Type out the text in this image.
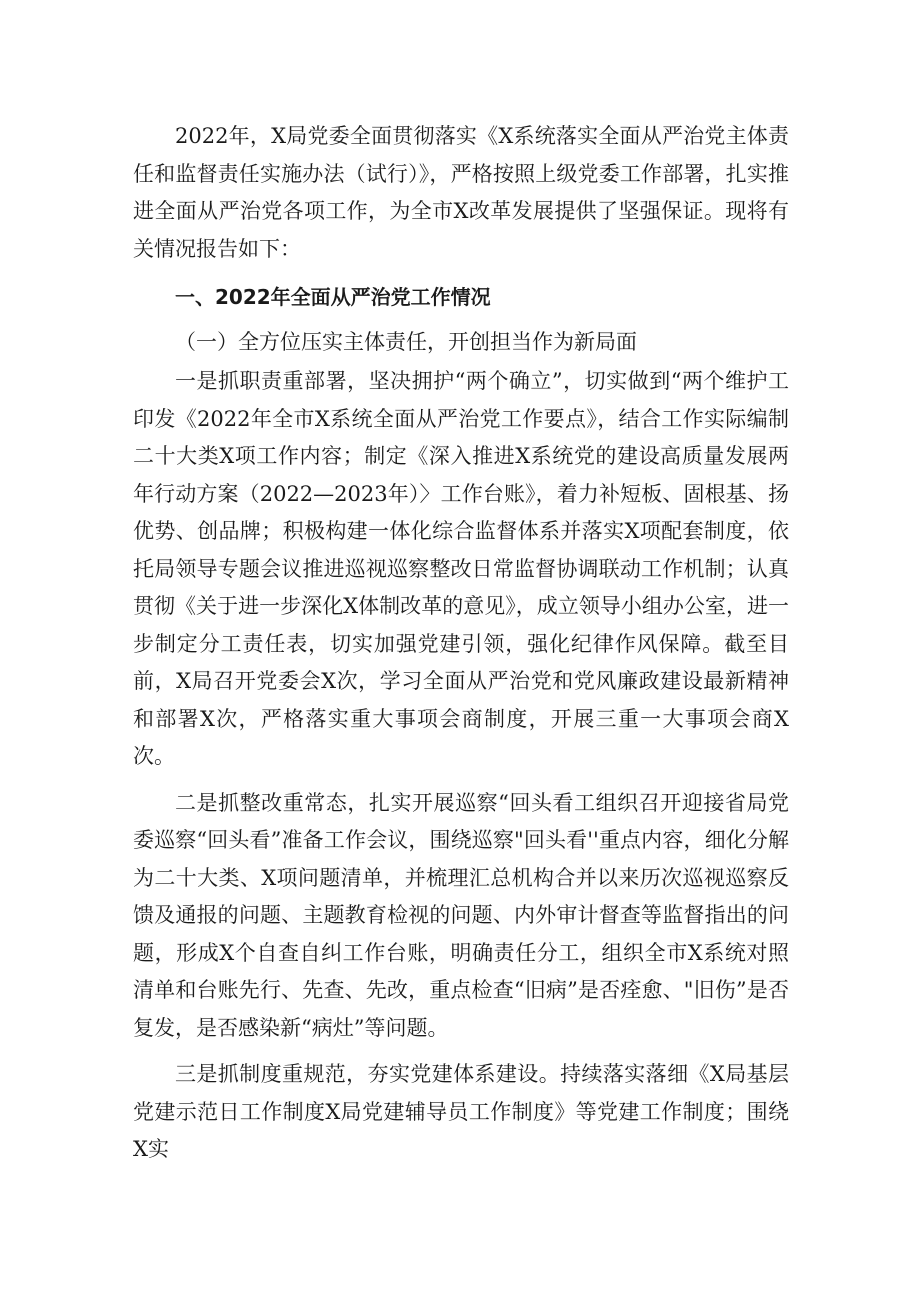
2022年，X局党委全面贯彻落实《X系统落实全面从严治党主体责任和监督责任实施办法（试行）》，严格按照上级党委工作部署，扎实推进全面从严治党各项工作，为全市X改革发展提供了坚强保证。现将有关情况报告如下：

一、2022年全面从严治党工作情况

（一）全方位压实主体责任，开创担当作为新局面

一是抓职责重部署，坚决拥护“两个确立”，切实做到“两个维护工印发《2022年全市X系统全面从严治党工作要点》，结合工作实际编制二十大类X项工作内容；制定《深入推进X系统党的建设高质量发展两年行动方案（2022—2023年）〉工作台账》，着力补短板、固根基、扬优势、创品牌；积极构建一体化综合监督体系并落实X项配套制度，依托局领导专题会议推进巡视巡察整改日常监督协调联动工作机制；认真贯彻《关于进一步深化X体制改革的意见》，成立领导小组办公室，进一步制定分工责任表，切实加强党建引领，强化纪律作风保障。截至目前，X局召开党委会X次，学习全面从严治党和党风廉政建设最新精神和部署X次，严格落实重大事项会商制度，开展三重一大事项会商X次。

二是抓整改重常态，扎实开展巡察“回头看工组织召开迎接省局党委巡察“回头看”准备工作会议，围绕巡察"回头看''重点内容，细化分解为二十大类、X项问题清单，并梳理汇总机构合并以来历次巡视巡察反馈及通报的问题、主题教育检视的问题、内外审计督查等监督指出的问题，形成X个自查自纠工作台账，明确责任分工，组织全市X系统对照清单和台账先行、先查、先改，重点检查“旧病”是否痊愈、"旧伤”是否复发，是否感染新“病灶”等问题。

三是抓制度重规范，夯实党建体系建设。持续落实落细《X局基层党建示范日工作制度X局党建辅导员工作制度》等党建工作制度；围绕X实
